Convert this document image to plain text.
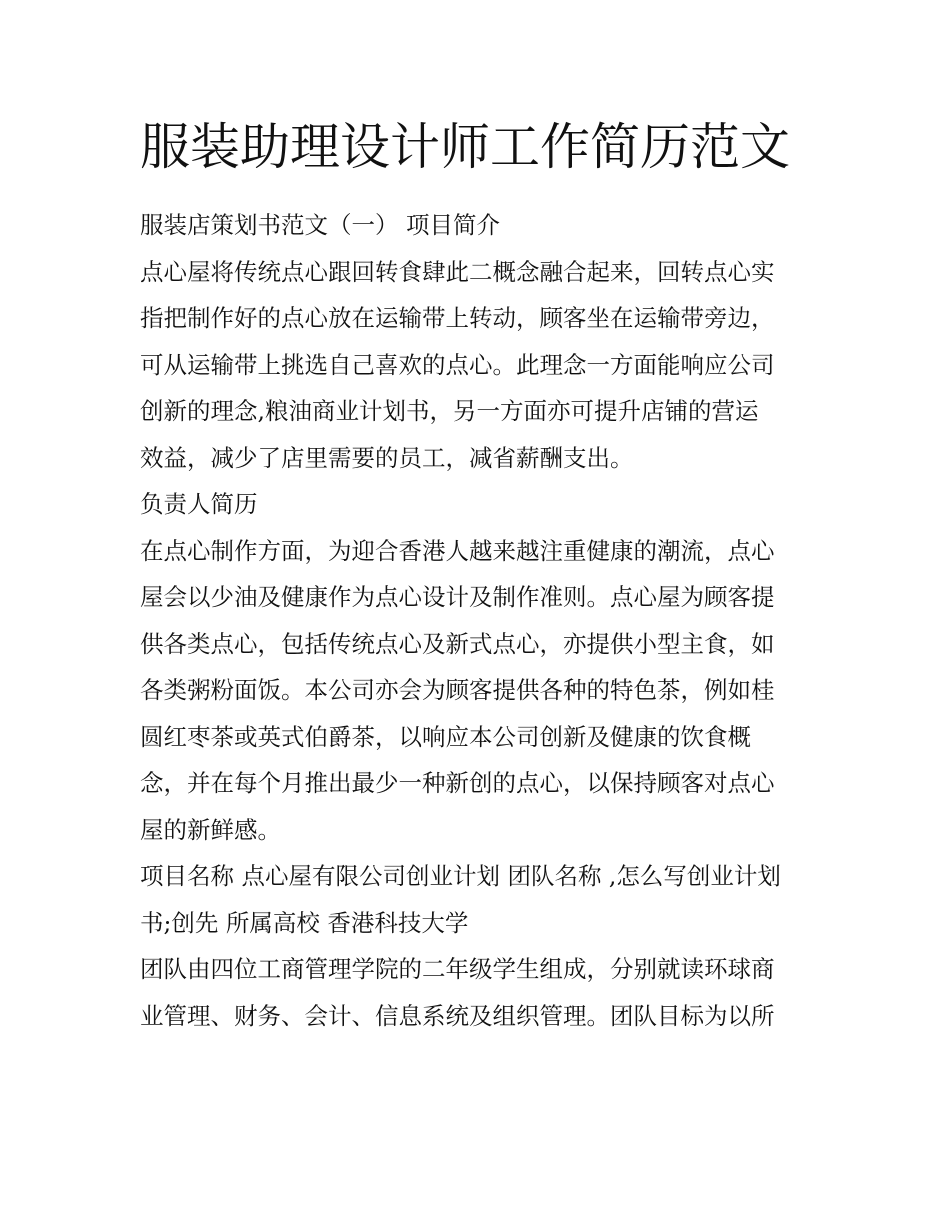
服装助理设计师工作简历范文
服装店策划书范文（一） 项目简介
点心屋将传统点心跟回转食肆此二概念融合起来，回转点心实
指把制作好的点心放在运输带上转动，顾客坐在运输带旁边，
可从运输带上挑选自己喜欢的点心。此理念一方面能响应公司
创新的理念,粮油商业计划书，另一方面亦可提升店铺的营运
效益，减少了店里需要的员工，减省薪酬支出。
负责人简历
在点心制作方面，为迎合香港人越来越注重健康的潮流，点心
屋会以少油及健康作为点心设计及制作准则。点心屋为顾客提
供各类点心，包括传统点心及新式点心，亦提供小型主食，如
各类粥粉面饭。本公司亦会为顾客提供各种的特色茶，例如桂
圆红枣茶或英式伯爵茶，以响应本公司创新及健康的饮食概
念，并在每个月推出最少一种新创的点心，以保持顾客对点心
屋的新鲜感。
项目名称 点心屋有限公司创业计划 团队名称 ,怎么写创业计划
书;创先 所属高校 香港科技大学
团队由四位工商管理学院的二年级学生组成，分别就读环球商
业管理、财务、会计、信息系统及组织管理。团队目标为以所
